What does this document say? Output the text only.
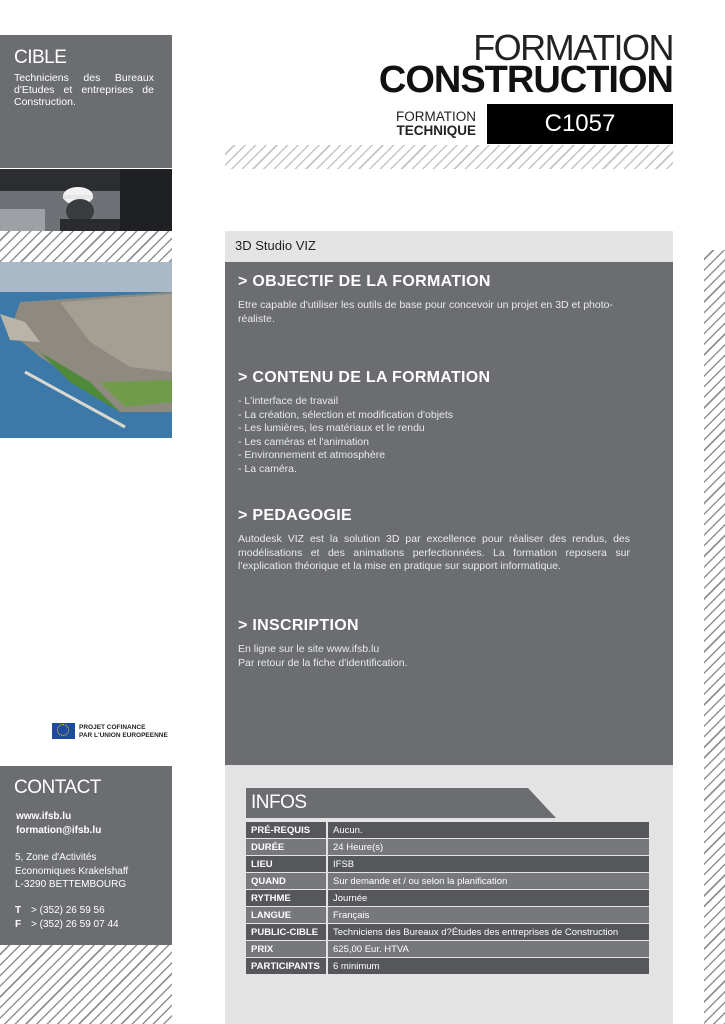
CIBLE

Techniciens des Bureaux d'Etudes et entreprises de Construction.

PROJET COFINANCE
PAR L'UNION EUROPEENNE
CONTACT
www.ifsb.lu
formation@ifsb.lu
5, Zone d'Activités
Economiques Krakelshaff
L-3290 BETTEMBOURG
T > (352) 26 59 56
F > (352) 26 59 07 44
FORMATION
CONSTRUCTION
FORMATION
TECHNIQUE	C1057
3D Studio VIZ
> OBJECTIF DE LA FORMATION

Etre capable d'utiliser les outils de base pour concevoir un projet en 3D et photo-réaliste.

> CONTENU DE LA FORMATION
- L'interface de travail
- La création, sélection et modification d'objets
- Les lumières, les matériaux et le rendu
- Les caméras et l'animation
- Environnement et atmosphère
- La caméra.
> PEDAGOGIE

Autodesk VIZ est la solution 3D par excellence pour réaliser des rendus, des modélisations et des animations perfectionnées. La formation reposera sur l'explication théorique et la mise en pratique sur support informatique.

> INSCRIPTION

En ligne sur le site www.ifsb.lu
Par retour de la fiche d'identification.

INFOS
PRÉ-REQUIS	Aucun.
DURÉE	24 Heure(s)
LIEU	IFSB
QUAND	Sur demande et / ou selon la planification
RYTHME	Journée
LANGUE	Français
PUBLIC-CIBLE	Techniciens des Bureaux d?Études des entreprises de Construction
PRIX	625,00 Eur. HTVA
PARTICIPANTS	6 minimum
